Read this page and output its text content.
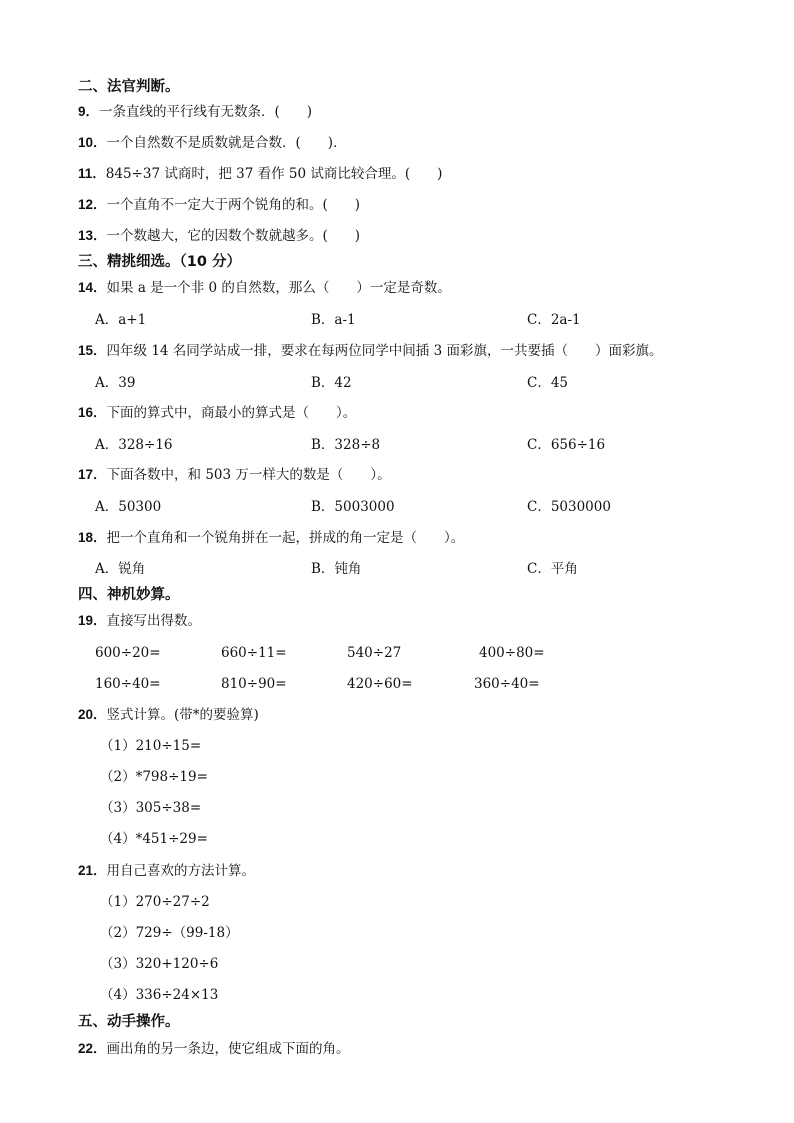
二、法官判断。
9．一条直线的平行线有无数条．(　　)
10．一个自然数不是质数就是合数．(　　)．
11．845÷37 试商时，把 37 看作 50 试商比较合理。(　　)
12．一个直角不一定大于两个锐角的和。(　　)
13．一个数越大，它的因数个数就越多。(　　)
三、精挑细选。（10 分）
14．如果 a 是一个非 0 的自然数，那么（　　）一定是奇数。
A．a+1	B．a-1	C．2a-1
15．四年级 14 名同学站成一排，要求在每两位同学中间插 3 面彩旗，一共要插（　　）面彩旗。
A．39	B．42	C．45
16．下面的算式中，商最小的算式是（　　）。
A．328÷16	B．328÷8	C．656÷16
17．下面各数中，和 503 万一样大的数是（　　）。
A．50300	B．5003000	C．5030000
18．把一个直角和一个锐角拼在一起，拼成的角一定是（　　）。
A．锐角	B．钝角	C．平角
四、神机妙算。
19．直接写出得数。
600÷20=	660÷11=	540÷27	400÷80=
160÷40=	810÷90=	420÷60=	360÷40=
20．竖式计算。(带*的要验算)
（1）210÷15=
（2）*798÷19=
（3）305÷38=
（4）*451÷29=
21．用自己喜欢的方法计算。
（1）270÷27÷2
（2）729÷（99-18）
（3）320+120÷6
（4）336÷24×13
五、动手操作。
22．画出角的另一条边，使它组成下面的角。
